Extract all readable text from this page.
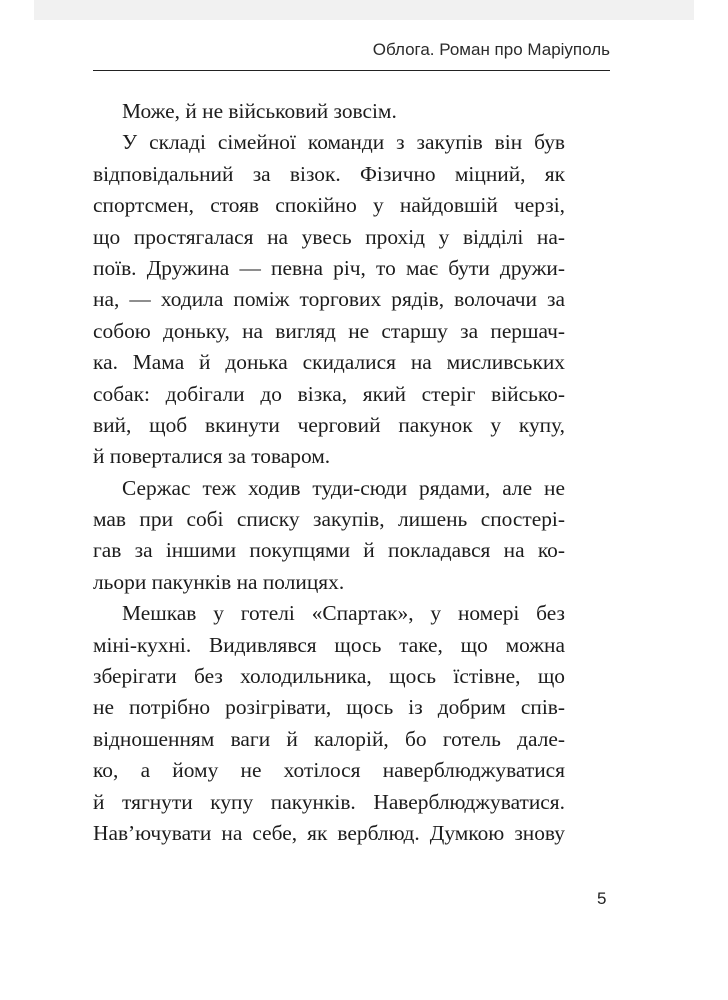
Облога. Роман про Маріуполь
Може, й не військовий зовсім.
У складі сімейної команди з закупів він був
відповідальний за візок. Фізично міцний, як
спортсмен, стояв спокійно у найдовшій черзі,
що простягалася на увесь прохід у відділі на-
поїв. Дружина — певна річ, то має бути дружи-
на, — ходила поміж торгових рядів, волочачи за
собою доньку, на вигляд не старшу за першач-
ка. Мама й донька скидалися на мисливських
собак: добігали до візка, який стеріг військо-
вий, щоб вкинути черговий пакунок у купу,
й поверталися за товаром.
Сержас теж ходив туди-сюди рядами, але не
мав при собі списку закупів, лишень спостері-
гав за іншими покупцями й покладався на ко-
льори пакунків на полицях.
Мешкав у готелі «Спартак», у номері без
міні-кухні. Видивлявся щось таке, що можна
зберігати без холодильника, щось їстівне, що
не потрібно розігрівати, щось із добрим спів-
відношенням ваги й калорій, бо готель дале-
ко, а йому не хотілося наверблюджуватися
й тягнути купу пакунків. Наверблюджуватися.
Нав’ючувати на себе, як верблюд. Думкою знову
5
